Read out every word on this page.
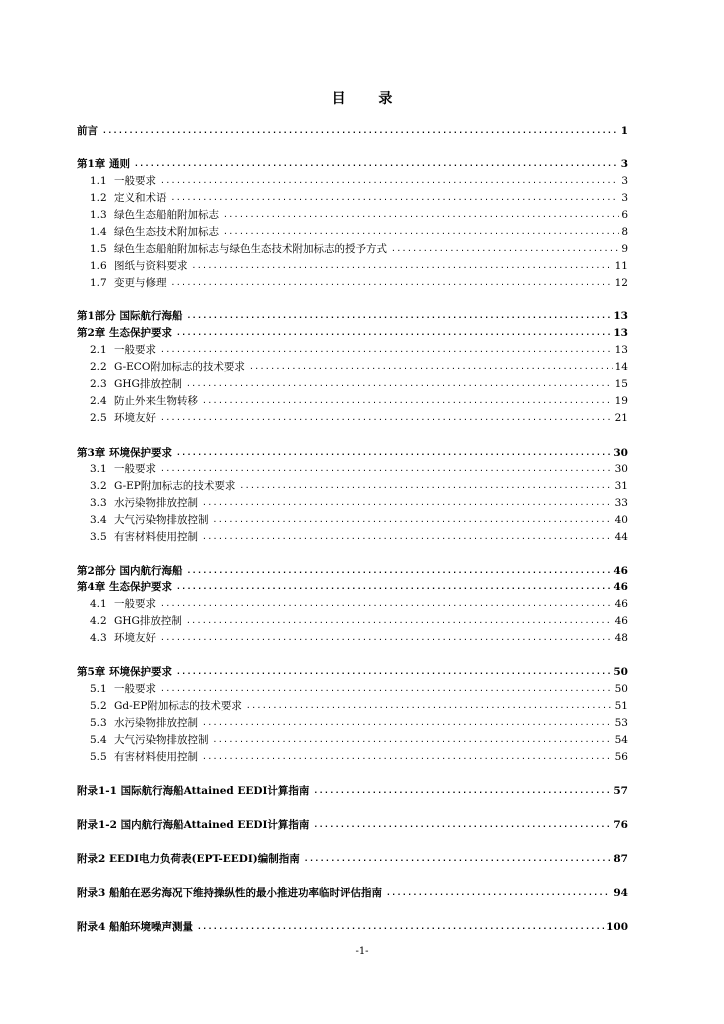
目 录
前言 .....	1
第1章 通则 .....	3
1.1 一般要求 .....	3
1.2 定义和术语 .....	3
1.3 绿色生态船舶附加标志 .....	6
1.4 绿色生态技术附加标志 .....	8
1.5 绿色生态船舶附加标志与绿色生态技术附加标志的授予方式 .....	9
1.6 图纸与资料要求 .....	11
1.7 变更与修理 .....	12
第1部分 国际航行海船 .....	13
第2章 生态保护要求 .....	13
2.1 一般要求 .....	13
2.2 G-ECO附加标志的技术要求 .....	14
2.3 GHG排放控制 .....	15
2.4 防止外来生物转移 .....	19
2.5 环境友好 .....	21
第3章 环境保护要求 .....	30
3.1 一般要求 .....	30
3.2 G-EP附加标志的技术要求 .....	31
3.3 水污染物排放控制 .....	33
3.4 大气污染物排放控制 .....	40
3.5 有害材料使用控制 .....	44
第2部分 国内航行海船 .....	46
第4章 生态保护要求 .....	46
4.1 一般要求 .....	46
4.2 GHG排放控制 .....	46
4.3 环境友好 .....	48
第5章 环境保护要求 .....	50
5.1 一般要求 .....	50
5.2 Gd-EP附加标志的技术要求 .....	51
5.3 水污染物排放控制 .....	53
5.4 大气污染物排放控制 .....	54
5.5 有害材料使用控制 .....	56
附录1-1 国际航行海船Attained EEDI计算指南 .....	57
附录1-2 国内航行海船Attained EEDI计算指南 .....	76
附录2 EEDI电力负荷表(EPT-EEDI)编制指南 .....	87
附录3 船舶在恶劣海况下维持操纵性的最小推进功率临时评估指南 .....	94
附录4 船舶环境噪声测量 .....	100
-1-
